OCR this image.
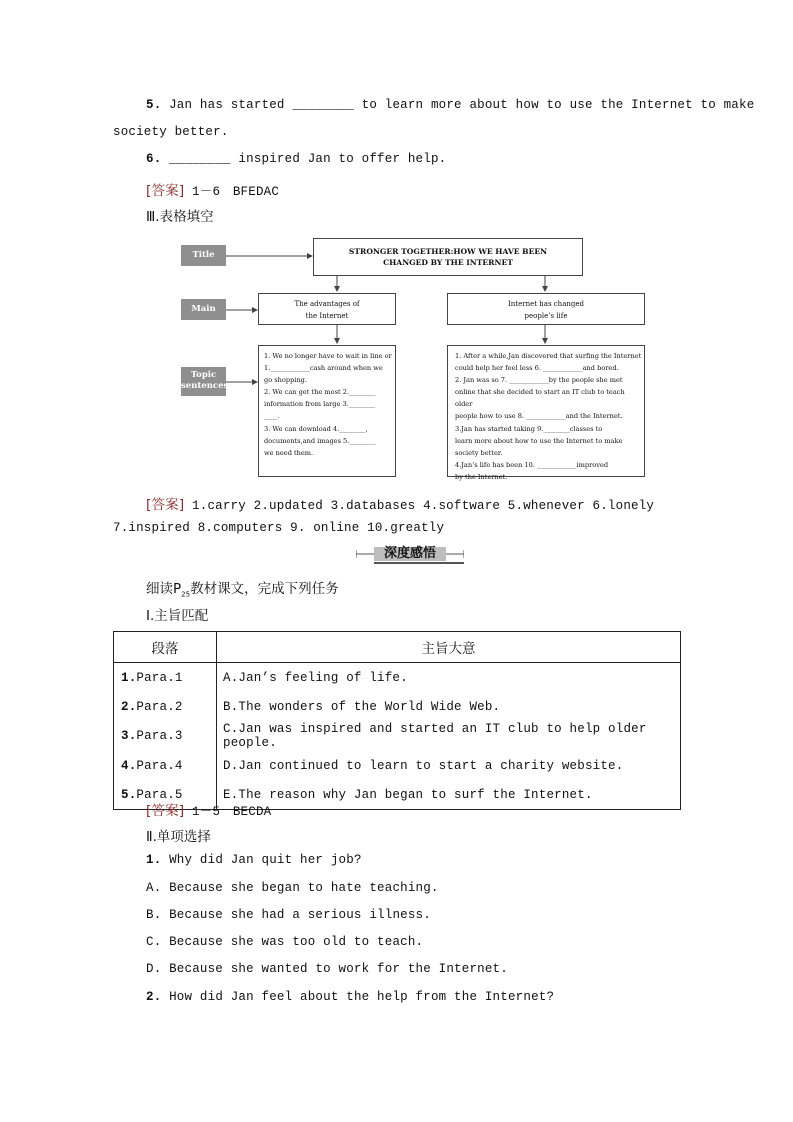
5. Jan has started ________ to learn more about how to use the Internet to make
society better.
6. ________ inspired Jan to offer help.
[答案] 1－6　BFEDAC
Ⅲ.表格填空
Title
Main idea
Topic
sentences
STRONGER TOGETHER:HOW WE HAVE BEEN
CHANGED BY THE INTERNET
The advantages of
the Internet
Internet has changed
people’s life
1. We no longer have to wait in line or
1.____________cash around when we
go shopping.
2. We can get the most 2.________
information from large 3.________
____.
3. We can download 4.________,
documents,and images 5.________
we need them.
1. After a while,Jan discovered that surfing the Internet
could help her feel less 6. ____________and bored.
2. Jan was so 7. ____________by the people she met
online that she decided to start an IT club to teach older
people how to use 8. ____________and the Internet.
3.Jan has started taking 9.________classes to
learn more about how to use the Internet to make
society better.
4.Jan’s life has been 10. ____________improved
by the Internet.
[答案] 1.carry 2.updated 3.databases 4.software 5.whenever 6.lonely
7.inspired 8.computers 9. online 10.greatly
深度感悟
细读$P_{25}$教材课文，完成下列任务
Ⅰ.主旨匹配
段落	主旨大意
1.Para.1	A.Jan’s feeling of life.
2.Para.2	B.The wonders of the World Wide Web.
3.Para.3	C.Jan was inspired and started an IT club to help older people.
4.Para.4	D.Jan continued to learn to start a charity website.
5.Para.5	E.The reason why Jan began to surf the Internet.
[答案] 1－5　BECDA
Ⅱ.单项选择
1. Why did Jan quit her job?
A. Because she began to hate teaching.
B. Because she had a serious illness.
C. Because she was too old to teach.
D. Because she wanted to work for the Internet.
2. How did Jan feel about the help from the Internet?
